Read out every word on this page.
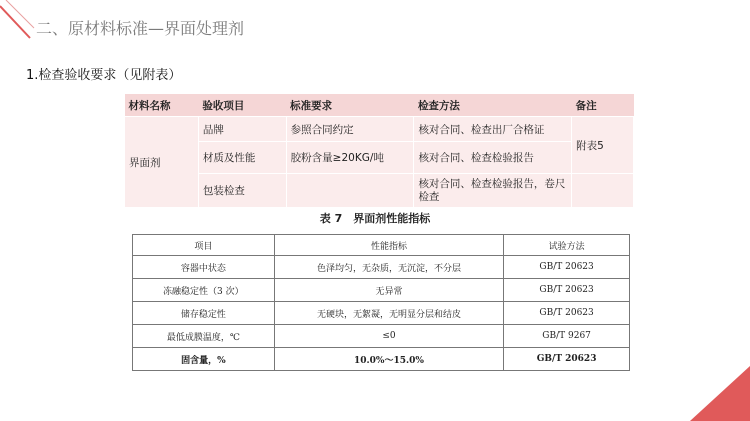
二、原材料标准—界面处理剂
1.检查验收要求（见附表）
材料名称	验收项目	标准要求	检查方法	备注
界面剂	品牌	参照合同约定	核对合同、检查出厂合格证	附表5
	材质及性能	胶粉含量≥20KG/吨	核对合同、检查检验报告	
	包装检查		核对合同、检查检验报告，卷尺检查	
表 7　界面剂性能指标
项目	性能指标	试验方法
容器中状态	色泽均匀，无杂质，无沉淀，不分层	GB/T 20623
冻融稳定性（3 次）	无异常	GB/T 20623
储存稳定性	无硬块，无絮凝，无明显分层和结皮	GB/T 20623
最低成膜温度，℃	≤0	GB/T 9267
固含量，%	10.0%～15.0%	GB/T 20623
